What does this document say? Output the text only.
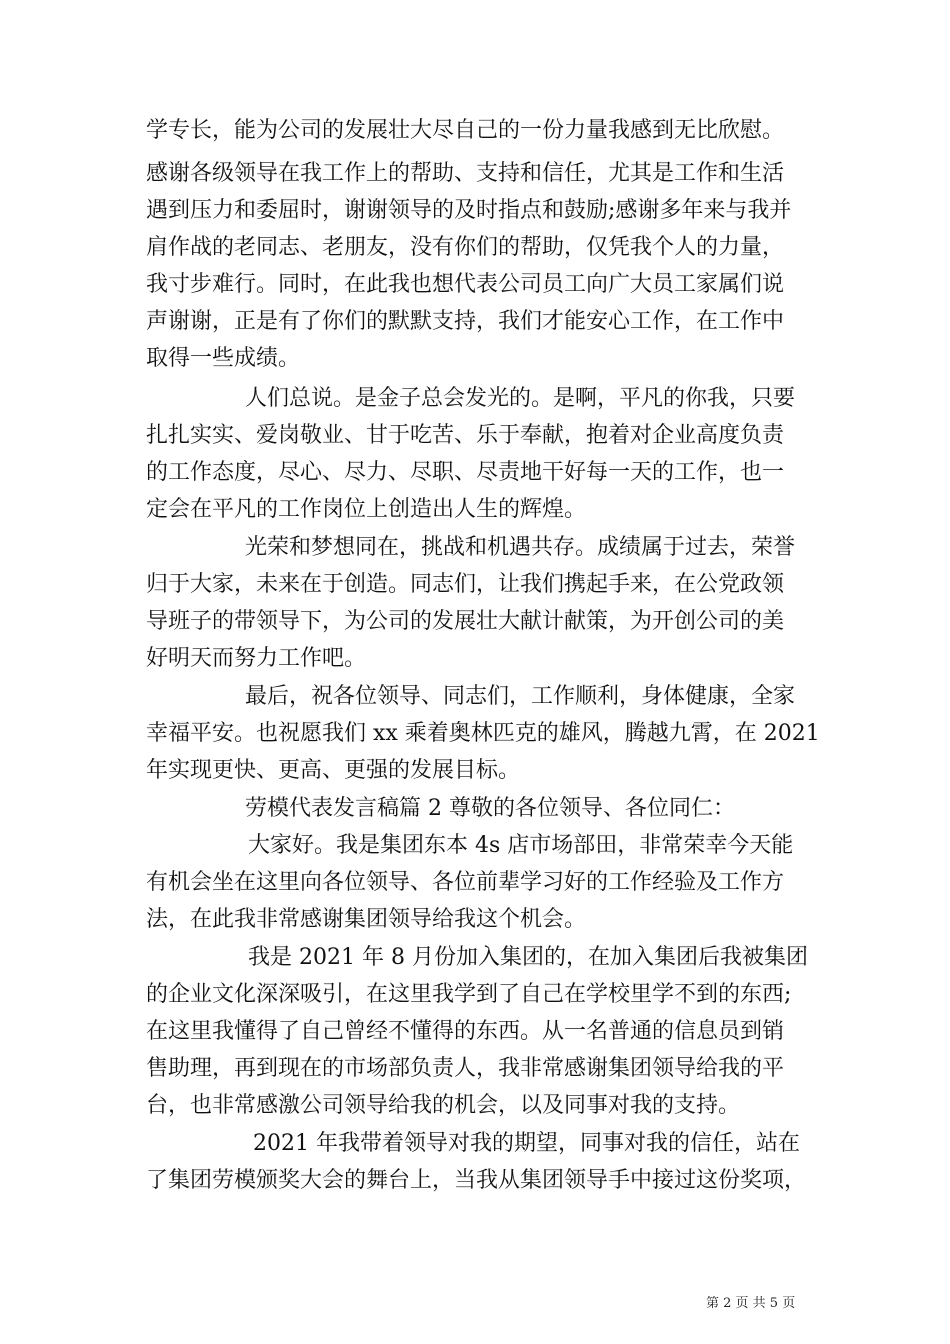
学专长，能为公司的发展壮大尽自己的一份力量我感到无比欣慰。
感谢各级领导在我工作上的帮助、支持和信任，尤其是工作和生活
遇到压力和委屈时，谢谢领导的及时指点和鼓励;感谢多年来与我并
肩作战的老同志、老朋友，没有你们的帮助，仅凭我个人的力量，
我寸步难行。同时，在此我也想代表公司员工向广大员工家属们说
声谢谢，正是有了你们的默默支持，我们才能安心工作，在工作中
取得一些成绩。
人们总说。是金子总会发光的。是啊，平凡的你我，只要
扎扎实实、爱岗敬业、甘于吃苦、乐于奉献，抱着对企业高度负责
的工作态度，尽心、尽力、尽职、尽责地干好每一天的工作，也一
定会在平凡的工作岗位上创造出人生的辉煌。
光荣和梦想同在，挑战和机遇共存。成绩属于过去，荣誉
归于大家，未来在于创造。同志们，让我们携起手来，在公党政领
导班子的带领导下，为公司的发展壮大献计献策，为开创公司的美
好明天而努力工作吧。
最后，祝各位领导、同志们，工作顺利，身体健康，全家
幸福平安。也祝愿我们 xx 乘着奥林匹克的雄风，腾越九霄，在 2021
年实现更快、更高、更强的发展目标。
劳模代表发言稿篇 2 尊敬的各位领导、各位同仁：
大家好。我是集团东本 4s 店市场部田，非常荣幸今天能
有机会坐在这里向各位领导、各位前辈学习好的工作经验及工作方
法，在此我非常感谢集团领导给我这个机会。
我是 2021 年 8 月份加入集团的，在加入集团后我被集团
的企业文化深深吸引，在这里我学到了自己在学校里学不到的东西;
在这里我懂得了自己曾经不懂得的东西。从一名普通的信息员到销
售助理，再到现在的市场部负责人，我非常感谢集团领导给我的平
台，也非常感激公司领导给我的机会，以及同事对我的支持。
2021 年我带着领导对我的期望，同事对我的信任，站在
了集团劳模颁奖大会的舞台上，当我从集团领导手中接过这份奖项，
第 2 页 共 5 页
